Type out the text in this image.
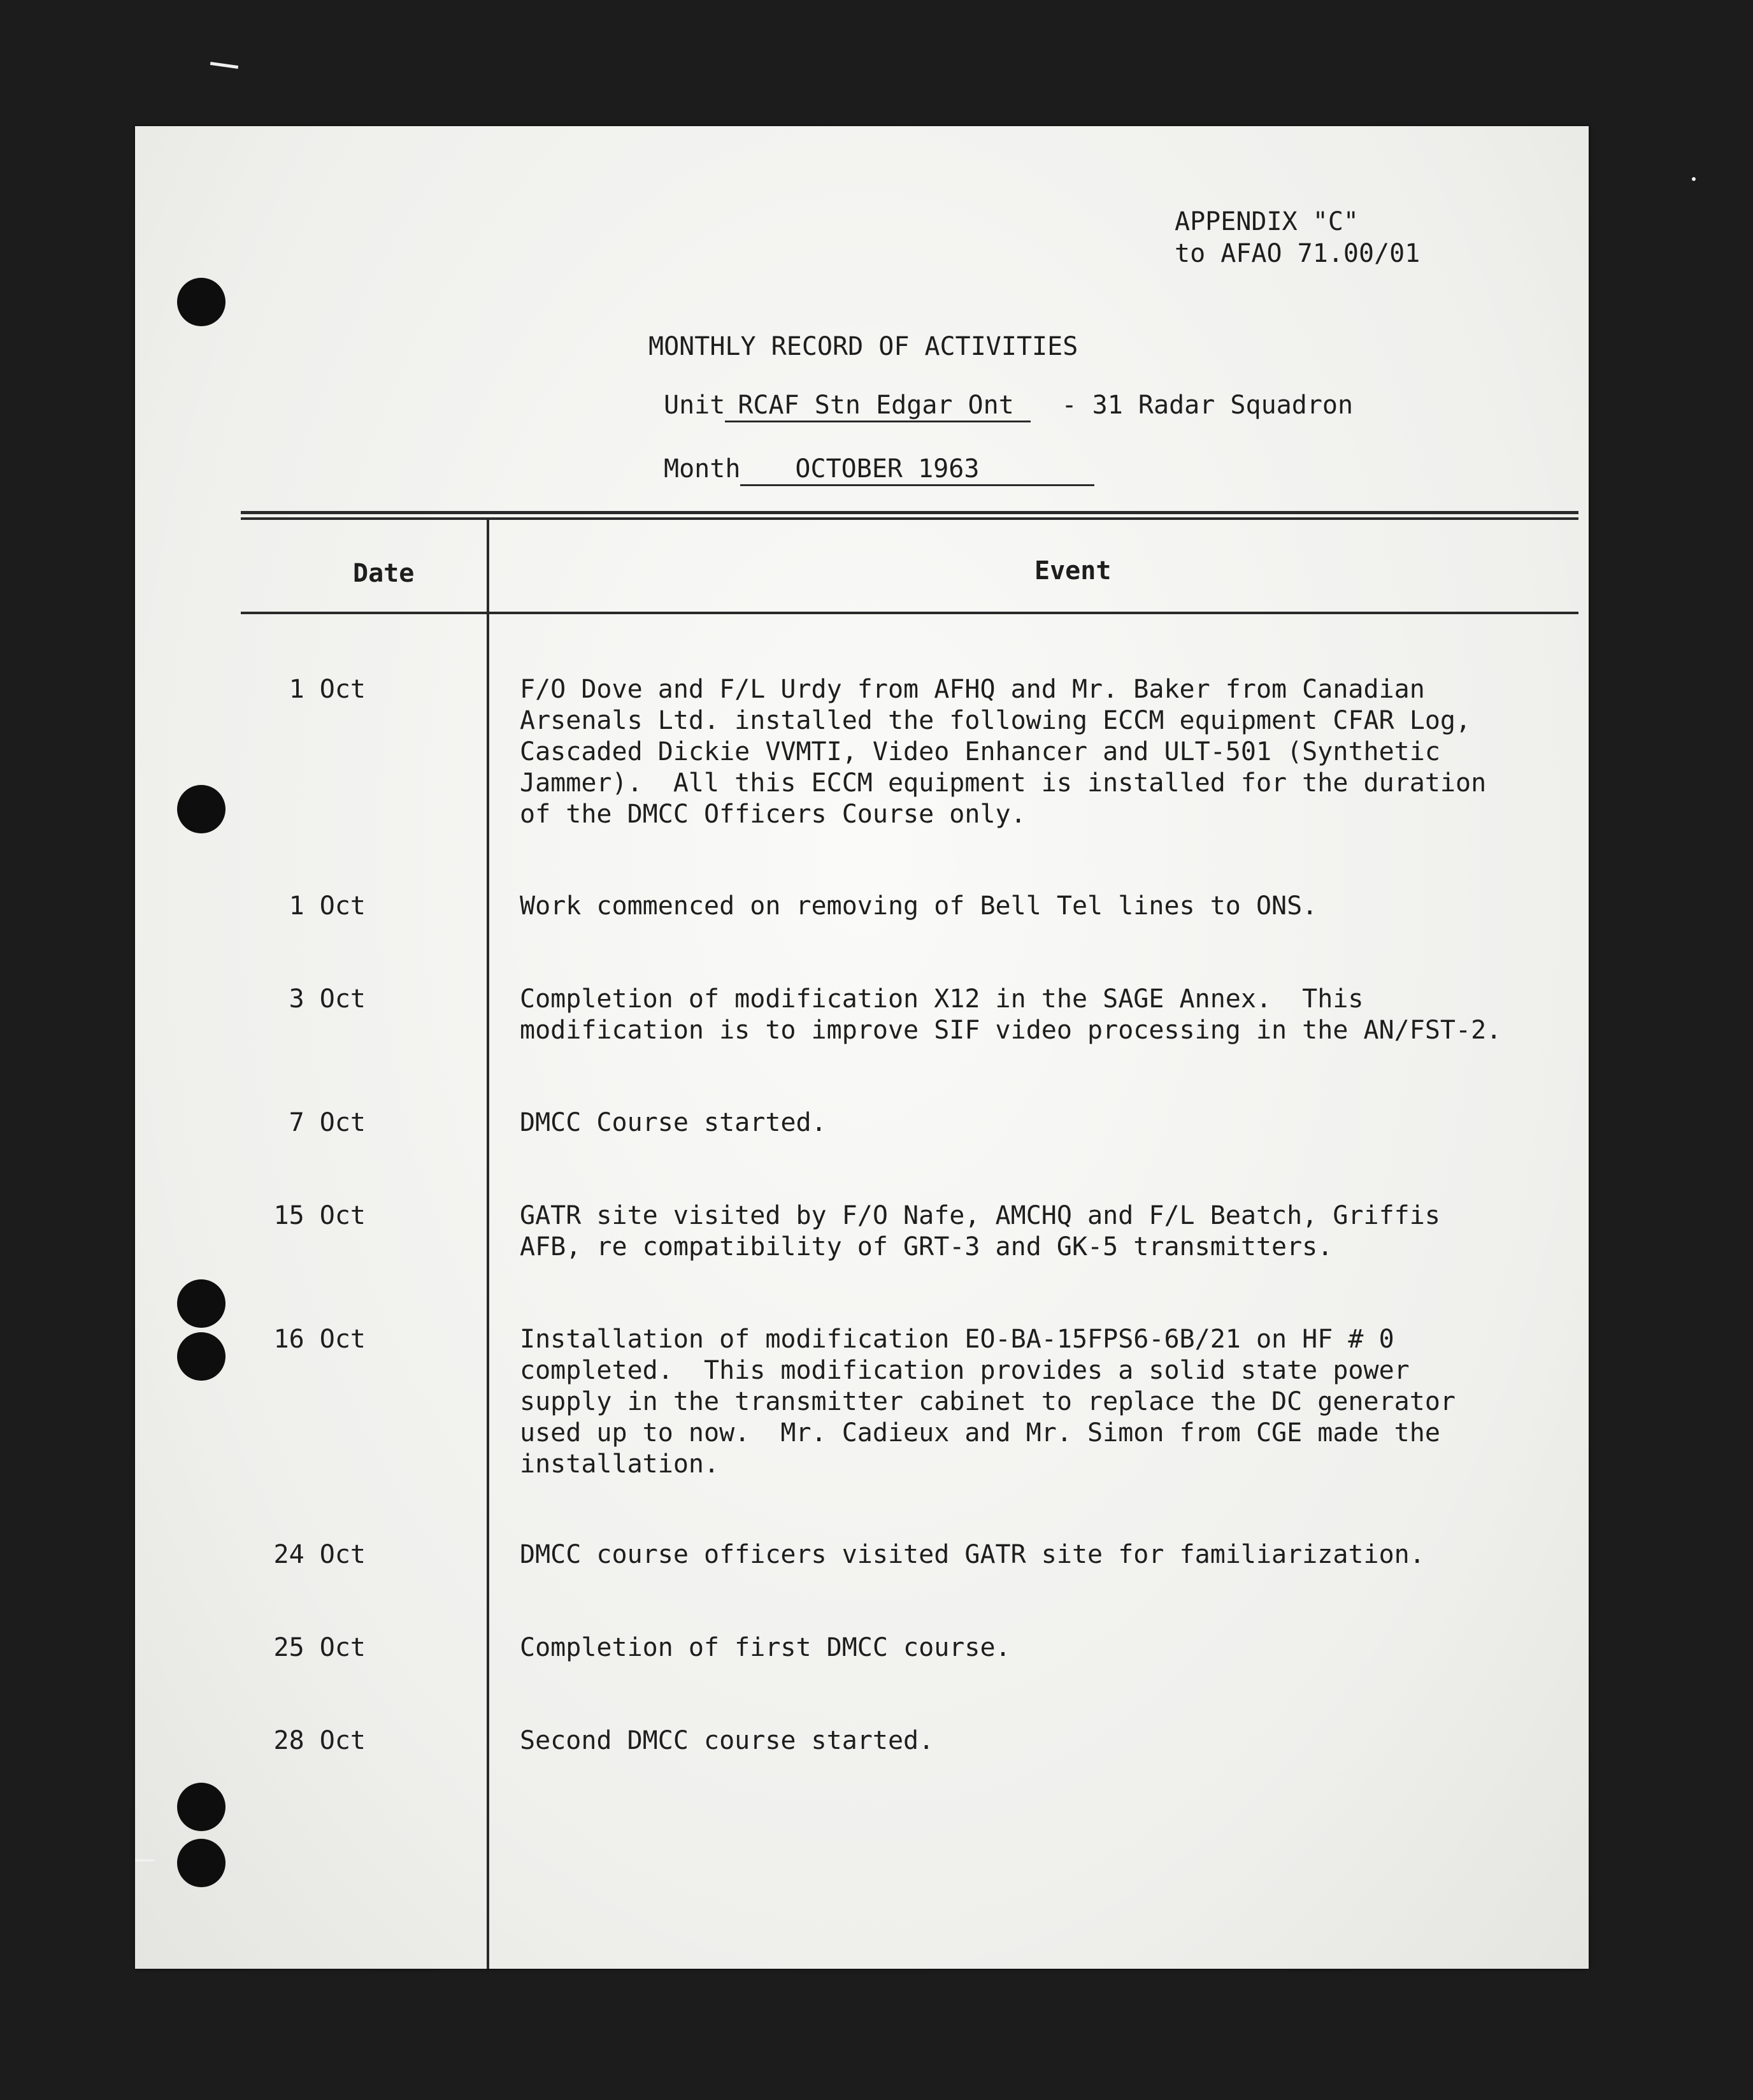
APPENDIX "C"
to AFAO 71.00/01
MONTHLY RECORD OF ACTIVITIES
Unit RCAF Stn Edgar Ont - 31 Radar Squadron
Month OCTOBER 1963
Date	Event
1 Oct	F/O Dove and F/L Urdy from AFHQ and Mr. Baker from Canadian
Arsenals Ltd. installed the following ECCM equipment CFAR Log,
Cascaded Dickie VVMTI, Video Enhancer and ULT-501 (Synthetic
Jammer).  All this ECCM equipment is installed for the duration
of the DMCC Officers Course only.
1 Oct	Work commenced on removing of Bell Tel lines to ONS.
3 Oct	Completion of modification X12 in the SAGE Annex.  This
modification is to improve SIF video processing in the AN/FST-2.
7 Oct	DMCC Course started.
15 Oct	GATR site visited by F/O Nafe, AMCHQ and F/L Beatch, Griffis
AFB, re compatibility of GRT-3 and GK-5 transmitters.
16 Oct	Installation of modification EO-BA-15FPS6-6B/21 on HF # 0
completed.  This modification provides a solid state power
supply in the transmitter cabinet to replace the DC generator
used up to now.  Mr. Cadieux and Mr. Simon from CGE made the
installation.
24 Oct	DMCC course officers visited GATR site for familiarization.
25 Oct	Completion of first DMCC course.
28 Oct	Second DMCC course started.
